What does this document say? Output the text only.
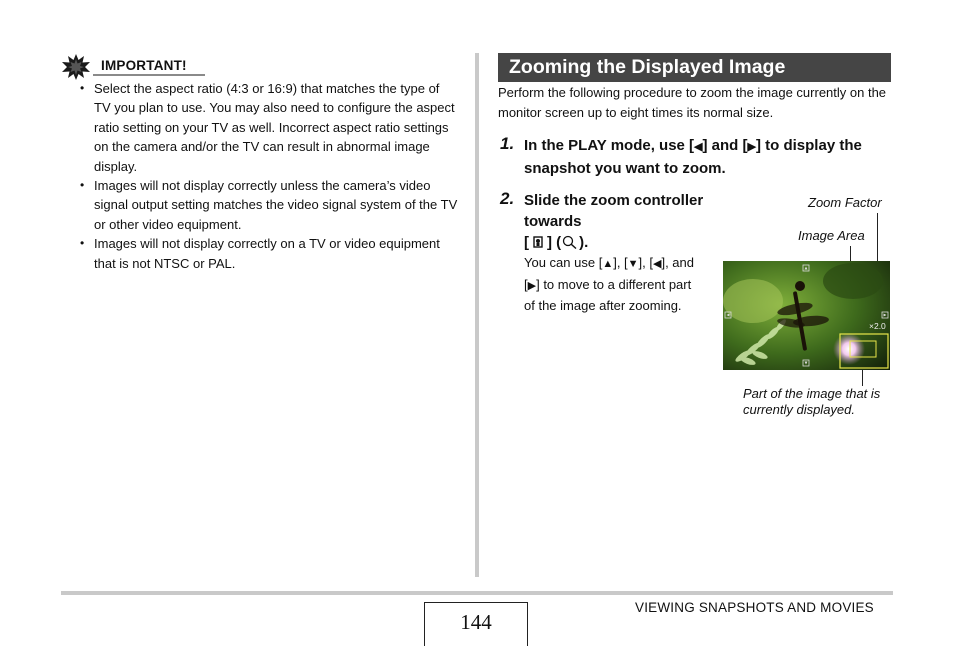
IMPORTANT!
• Select the aspect ratio (4:3 or 16:9) that matches the type of TV you plan to use. You may also need to configure the aspect ratio setting on your TV as well. Incorrect aspect ratio settings on the camera and/or the TV can result in abnormal image display.
• Images will not display correctly unless the camera’s video signal output setting matches the video signal system of the TV or other video equipment.
• Images will not display correctly on a TV or video equipment that is not NTSC or PAL.
Zooming the Displayed Image
Perform the following procedure to zoom the image currently on the monitor screen up to eight times its normal size.
1. In the PLAY mode, use [◀] and [▶] to display the snapshot you want to zoom.
2. Slide the zoom controller towards
[ ] ( ).
You can use [▲], [▼], [◀], and [▶] to move to a different part of the image after zooming.
Zoom Factor
Image Area
Part of the image that is currently displayed.
×2.0
144
VIEWING SNAPSHOTS AND MOVIES
